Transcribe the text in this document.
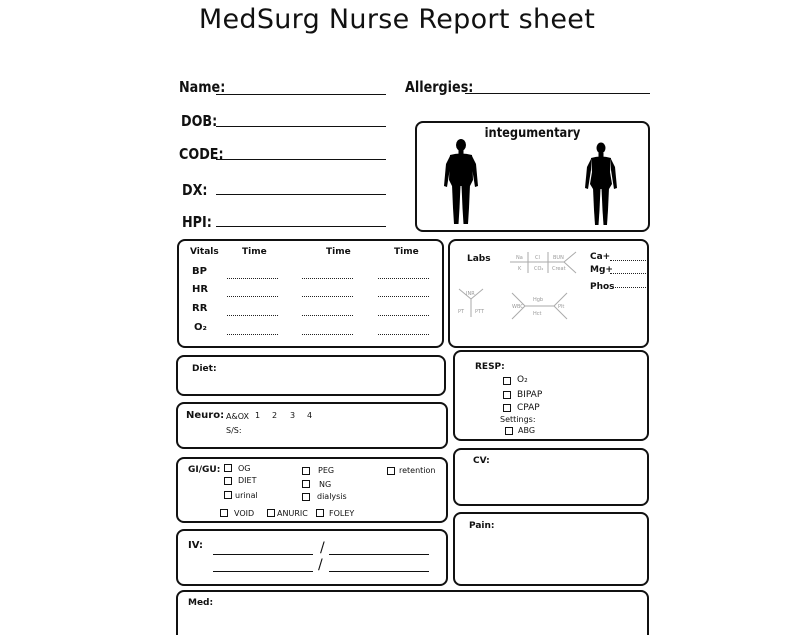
MedSurg Nurse Report sheet
Name:	Allergies:
DOB:
CODE:
DX:
HPI:
integumentary
Vitals	Time	Time	Time
BP
HR
RR
O₂
Labs	Na Cl	BUN
K	CO₂ Creat
INR
PT PTT
WBC
Hgb
Hct
Plt
Ca+
Mg+
Phos
Diet:	RESP:
O₂
BIPAP
CPAP
Settings:
ABG
Neuro: A&OX 1 2 3 4
S/S:
GI/GU: OG
DIET
urinal
PEG
NG
dialysis
retention
VOID	ANURIC	FOLEY
CV:
IV:	/
/
Pain:
Med:
